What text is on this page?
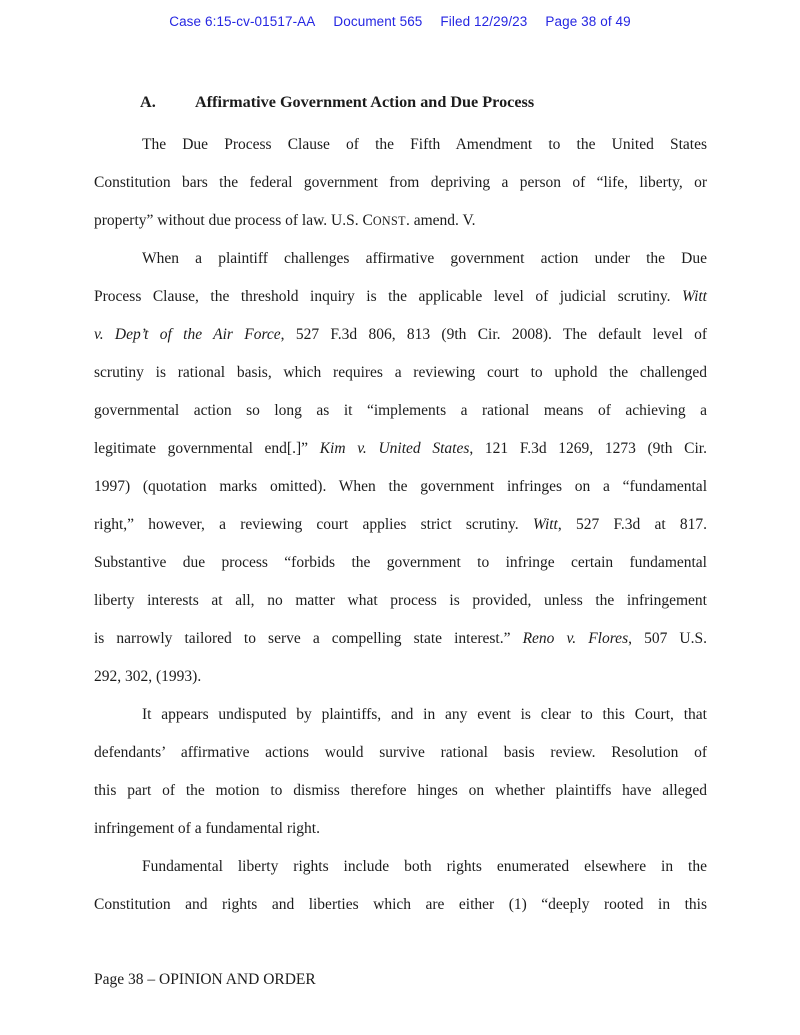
Case 6:15-cv-01517-AA Document 565 Filed 12/29/23 Page 38 of 49
A. Affirmative Government Action and Due Process
The Due Process Clause of the Fifth Amendment to the United States
Constitution bars the federal government from depriving a person of “life, liberty, or
property” without due process of law. U.S. CONST. amend. V.
When a plaintiff challenges affirmative government action under the Due
Process Clause, the threshold inquiry is the applicable level of judicial scrutiny. Witt
v. Dep’t of the Air Force, 527 F.3d 806, 813 (9th Cir. 2008). The default level of
scrutiny is rational basis, which requires a reviewing court to uphold the challenged
governmental action so long as it “implements a rational means of achieving a
legitimate governmental end[.]” Kim v. United States, 121 F.3d 1269, 1273 (9th Cir.
1997) (quotation marks omitted). When the government infringes on a “fundamental
right,” however, a reviewing court applies strict scrutiny. Witt, 527 F.3d at 817.
Substantive due process “forbids the government to infringe certain fundamental
liberty interests at all, no matter what process is provided, unless the infringement
is narrowly tailored to serve a compelling state interest.” Reno v. Flores, 507 U.S.
292, 302, (1993).
It appears undisputed by plaintiffs, and in any event is clear to this Court, that
defendants’ affirmative actions would survive rational basis review. Resolution of
this part of the motion to dismiss therefore hinges on whether plaintiffs have alleged
infringement of a fundamental right.
Fundamental liberty rights include both rights enumerated elsewhere in the
Constitution and rights and liberties which are either (1) “deeply rooted in this
Page 38 – OPINION AND ORDER
